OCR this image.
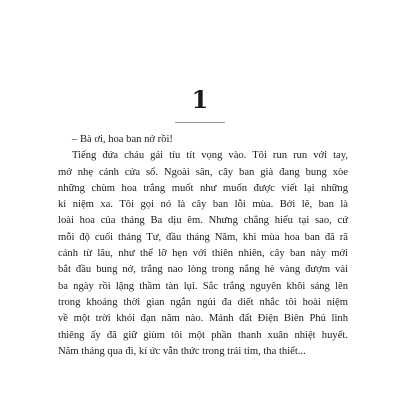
1

– Bà ơi, hoa ban nở rồi!

Tiếng đứa cháu gái tíu tít vọng vào. Tôi run run với tay,

mở nhẹ cánh cửa sổ. Ngoài sân, cây ban già đang bung xòe

những chùm hoa trắng muốt như muốn được viết lại những

kỉ niệm xa. Tôi gọi nó là cây ban lỗi mùa. Bởi lẽ, ban là

loài hoa của tháng Ba dịu êm. Nhưng chẳng hiểu tại sao, cứ

mỗi độ cuối tháng Tư, đầu tháng Năm, khi mùa hoa ban đã rã

cánh từ lâu, như thể lỡ hẹn với thiên nhiên, cây ban này mới

bắt đầu bung nở, trắng nao lòng trong nắng hè vàng đượm vài

ba ngày rồi lặng thầm tàn lụi. Sắc trắng nguyên khôi sáng lên

trong khoảng thời gian ngắn ngủi đa diết nhắc tôi hoài niệm

về một trời khói đạn năm nào. Mảnh đất Điện Biên Phủ linh

thiêng ấy đã giữ giùm tôi một phần thanh xuân nhiệt huyết.

Năm tháng qua đi, kí ức vẫn thức trong trái tim, tha thiết...
